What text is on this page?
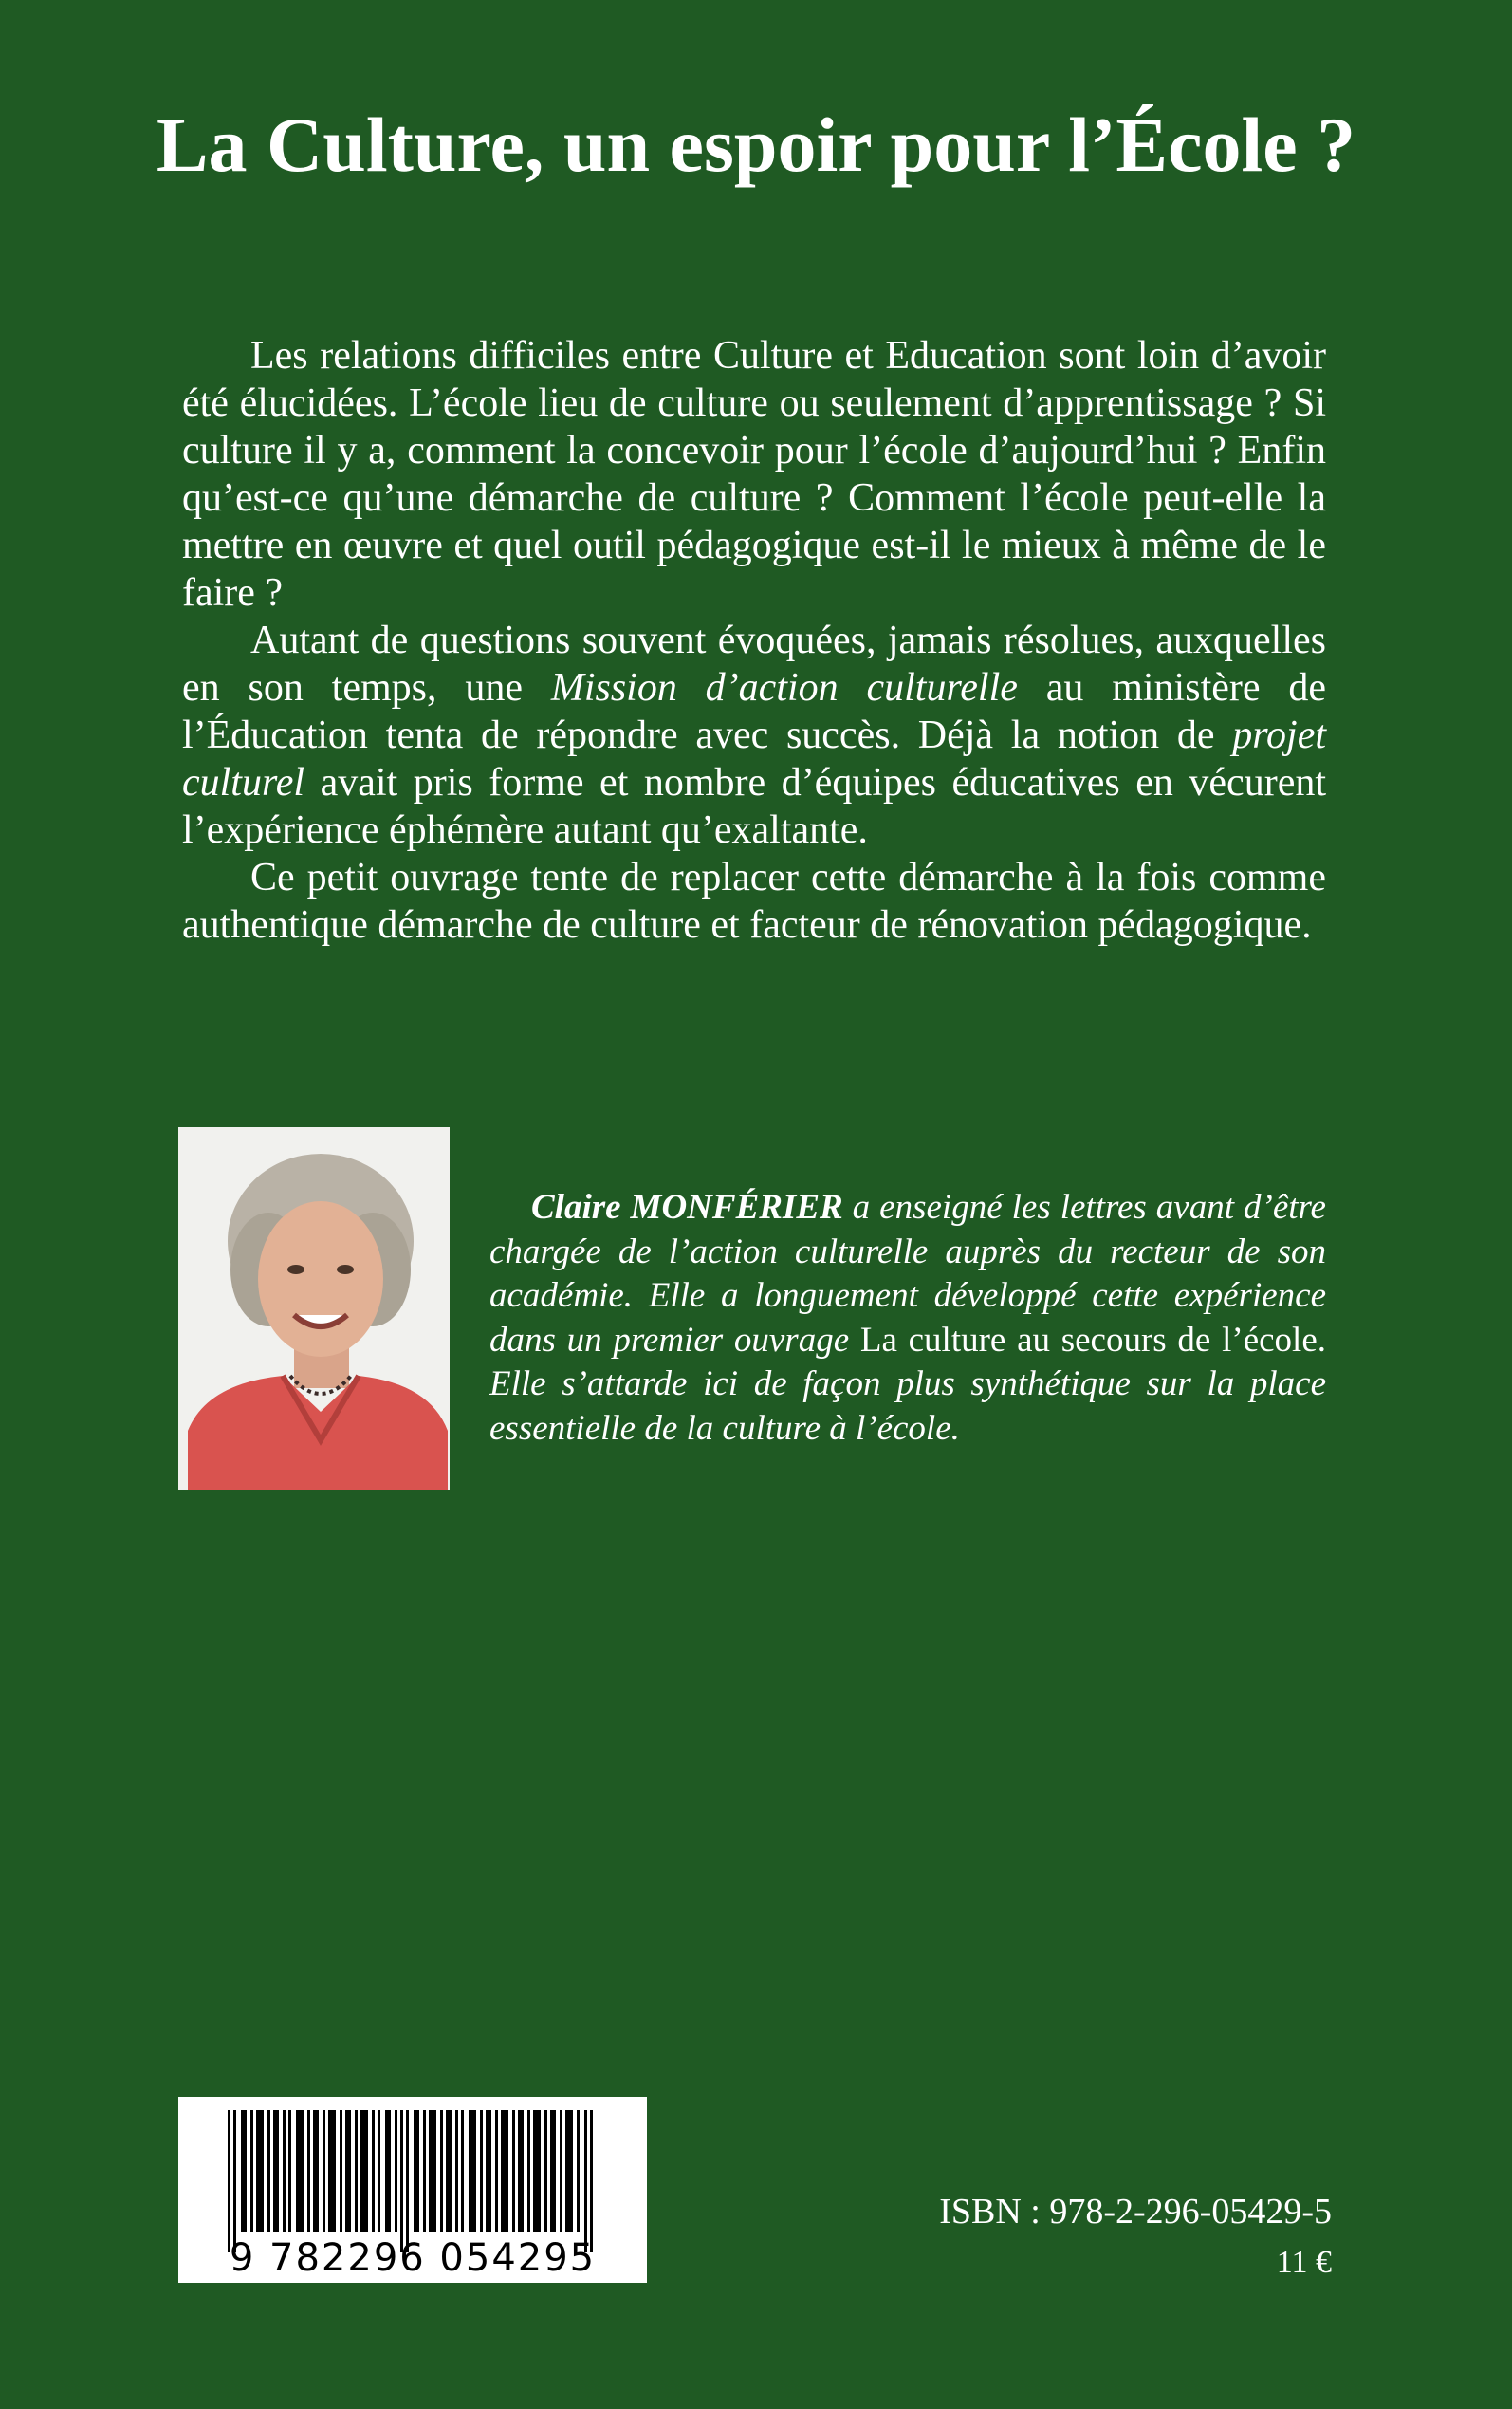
La Culture, un espoir pour l’École ?

Les relations difficiles entre Culture et Education sont loin d’avoir été élucidées. L’école lieu de culture ou seulement d’apprentissage ? Si culture il y a, comment la concevoir pour l’école d’aujourd’hui ? Enfin qu’est-ce qu’une démarche de culture ? Comment l’école peut-elle la mettre en œuvre et quel outil pédagogique est-il le mieux à même de le faire ?

Autant de questions souvent évoquées, jamais résolues, auxquelles en son temps, une Mission d’action culturelle au ministère de l’Éducation tenta de répondre avec succès. Déjà la notion de projet culturel avait pris forme et nombre d’équipes éducatives en vécurent l’expérience éphémère autant qu’exaltante.

Ce petit ouvrage tente de replacer cette démarche à la fois comme authentique démarche de culture et facteur de rénovation pédagogique.

Claire MONFÉRIER a enseigné les lettres avant d’être chargée de l’action culturelle auprès du recteur de son académie. Elle a longuement développé cette expérience dans un premier ouvrage La culture au secours de l’école. Elle s’attarde ici de façon plus synthétique sur la place essentielle de la culture à l’école.

9 782296 054295
ISBN : 978-2-296-05429-5
11 €
